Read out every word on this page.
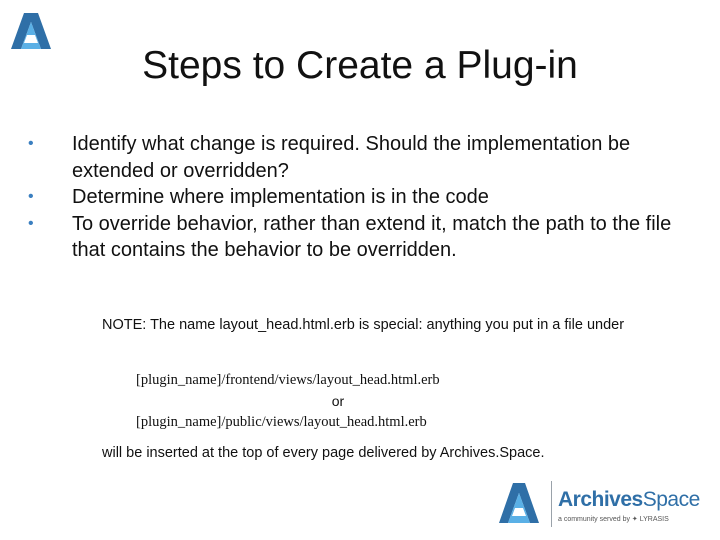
Steps to Create a Plug-in
•	Identify what change is required. Should the implementation be extended or overridden?
•	Determine where implementation is in the code
•	To override behavior, rather than extend it, match the path to the file that contains the behavior to be overridden.
NOTE: The name layout_head.html.erb is special: anything you put in a file under
[plugin_name]/frontend/views/layout_head.html.erb
or
[plugin_name]/public/views/layout_head.html.erb
will be inserted at the top of every page delivered by Archives.Space.
ArchivesSpace
a community served by ✦ LYRASIS
